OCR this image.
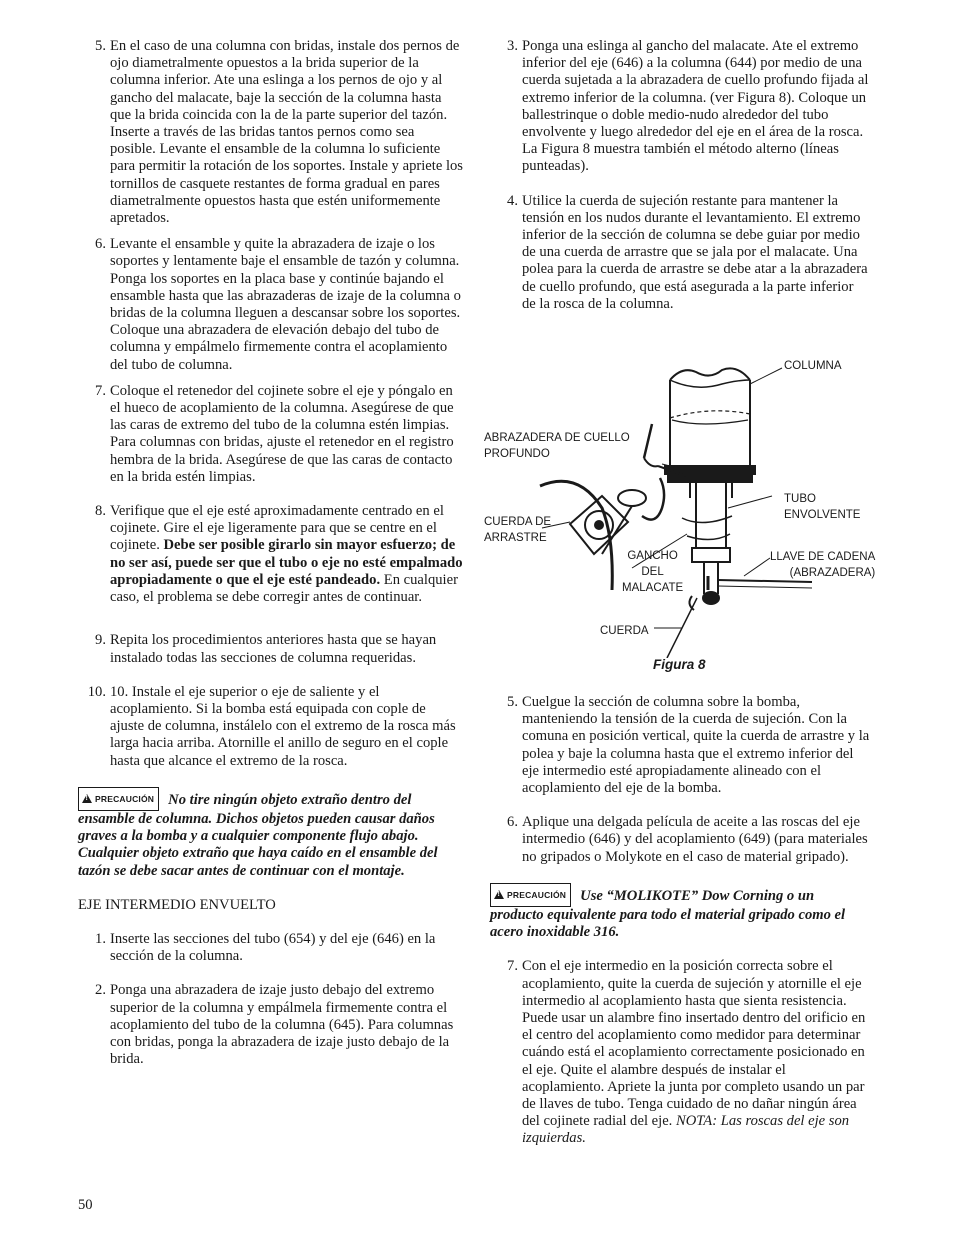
5. En el caso de una columna con bridas, instale dos pernos de ojo diametralmente opuestos a la brida superior de la columna inferior. Ate una eslinga a los pernos de ojo y al gancho del malacate, baje la sección de la columna hasta que la brida coincida con la de la parte superior del tazón. Inserte a través de las bridas tantos pernos como sea posible. Levante el ensamble de la columna lo suficiente para permitir la rotación de los soportes. Instale y apriete los tornillos de casquete restantes de forma gradual en pares diametralmente opuestos hasta que estén uniformemente apretados.

6. Levante el ensamble y quite la abrazadera de izaje o los soportes y lentamente baje el ensamble de tazón y columna. Ponga los soportes en la placa base y continúe bajando el ensamble hasta que las abrazaderas de izaje de la columna o bridas de la columna lleguen a descansar sobre los soportes. Coloque una abrazadera de elevación debajo del tubo de columna y empálmelo firmemente contra el acoplamiento del tubo de columna.

7. Coloque el retenedor del cojinete sobre el eje y póngalo en el hueco de acoplamiento de la columna. Asegúrese de que las caras de extremo del tubo de la columna estén limpias. Para columnas con bridas, ajuste el retenedor en el registro hembra de la brida. Asegúrese de que las caras de contacto en la brida estén limpias.

8. Verifique que el eje esté aproximadamente centrado en el cojinete. Gire el eje ligeramente para que se centre en el cojinete. Debe ser posible girarlo sin mayor esfuerzo; de no ser así, puede ser que el tubo o eje no esté empalmado apropiadamente o que el eje esté pandeado. En cualquier caso, el problema se debe corregir antes de continuar.

9. Repita los procedimientos anteriores hasta que se hayan instalado todas las secciones de columna requeridas.

10. 10. Instale el eje superior o eje de saliente y el acoplamiento. Si la bomba está equipada con cople de ajuste de columna, instálelo con el extremo de la rosca más larga hacia arriba. Atornille el anillo de seguro en el cople hasta que alcance el extremo de la rosca.

!PRECAUCIÓN No tire ningún objeto extraño dentro del ensamble de columna. Dichos objetos pueden causar daños graves a la bomba y a cualquier componente flujo abajo. Cualquier objeto extraño que haya caído en el ensamble del tazón se debe sacar antes de continuar con el montaje.

EJE INTERMEDIO ENVUELTO

1. Inserte las secciones del tubo (654) y del eje (646) en la sección de la columna.

2. Ponga una abrazadera de izaje justo debajo del extremo superior de la columna y empálmela firmemente contra el acoplamiento del tubo de la columna (645). Para columnas con bridas, ponga la abrazadera de izaje justo debajo de la brida.

3. Ponga una eslinga al gancho del malacate. Ate el extremo inferior del eje (646) a la columna (644) por medio de una cuerda sujetada a la abrazadera de cuello profundo fijada al extremo inferior de la columna. (ver Figura 8). Coloque un ballestrinque o doble medio-nudo alrededor del tubo envolvente y luego alrededor del eje en el área de la rosca. La Figura 8 muestra también el método alterno (líneas punteadas).

4. Utilice la cuerda de sujeción restante para mantener la tensión en los nudos durante el levantamiento. El extremo inferior de la sección de columna se debe guiar por medio de una cuerda de arrastre que se jala por el malacate. Una polea para la cuerda de arrastre se debe atar a la abrazadera de cuello profundo, que está asegurada a la parte inferior de la rosca de la columna.

COLUMNA
ABRAZADERA DE CUELLO
PROFUNDO
TUBO
ENVOLVENTE
CUERDA DE
ARRASTRE
GANCHO
DEL
MALACATE
LLAVE DE CADENA
(ABRAZADERA)
CUERDA
Figura 8

5. Cuelgue la sección de columna sobre la bomba, manteniendo la tensión de la cuerda de sujeción. Con la comuna en posición vertical, quite la cuerda de arrastre y la polea y baje la columna hasta que el extremo inferior del eje intermedio esté apropiadamente alineado con el acoplamiento del eje de la bomba.

6. Aplique una delgada película de aceite a las roscas del eje intermedio (646) y del acoplamiento (649) (para materiales no gripados o Molykote en el caso de material gripado).

!PRECAUCIÓN Use “MOLIKOTE” Dow Corning o un producto equivalente para todo el material gripado como el acero inoxidable 316.

7. Con el eje intermedio en la posición correcta sobre el acoplamiento, quite la cuerda de sujeción y atornille el eje intermedio al acoplamiento hasta que sienta resistencia. Puede usar un alambre fino insertado dentro del orificio en el centro del acoplamiento como medidor para determinar cuándo está el acoplamiento correctamente posicionado en el eje. Quite el alambre después de instalar el acoplamiento. Apriete la junta por completo usando un par de llaves de tubo. Tenga cuidado de no dañar ningún área del cojinete radial del eje. NOTA: Las roscas del eje son izquierdas.

50
